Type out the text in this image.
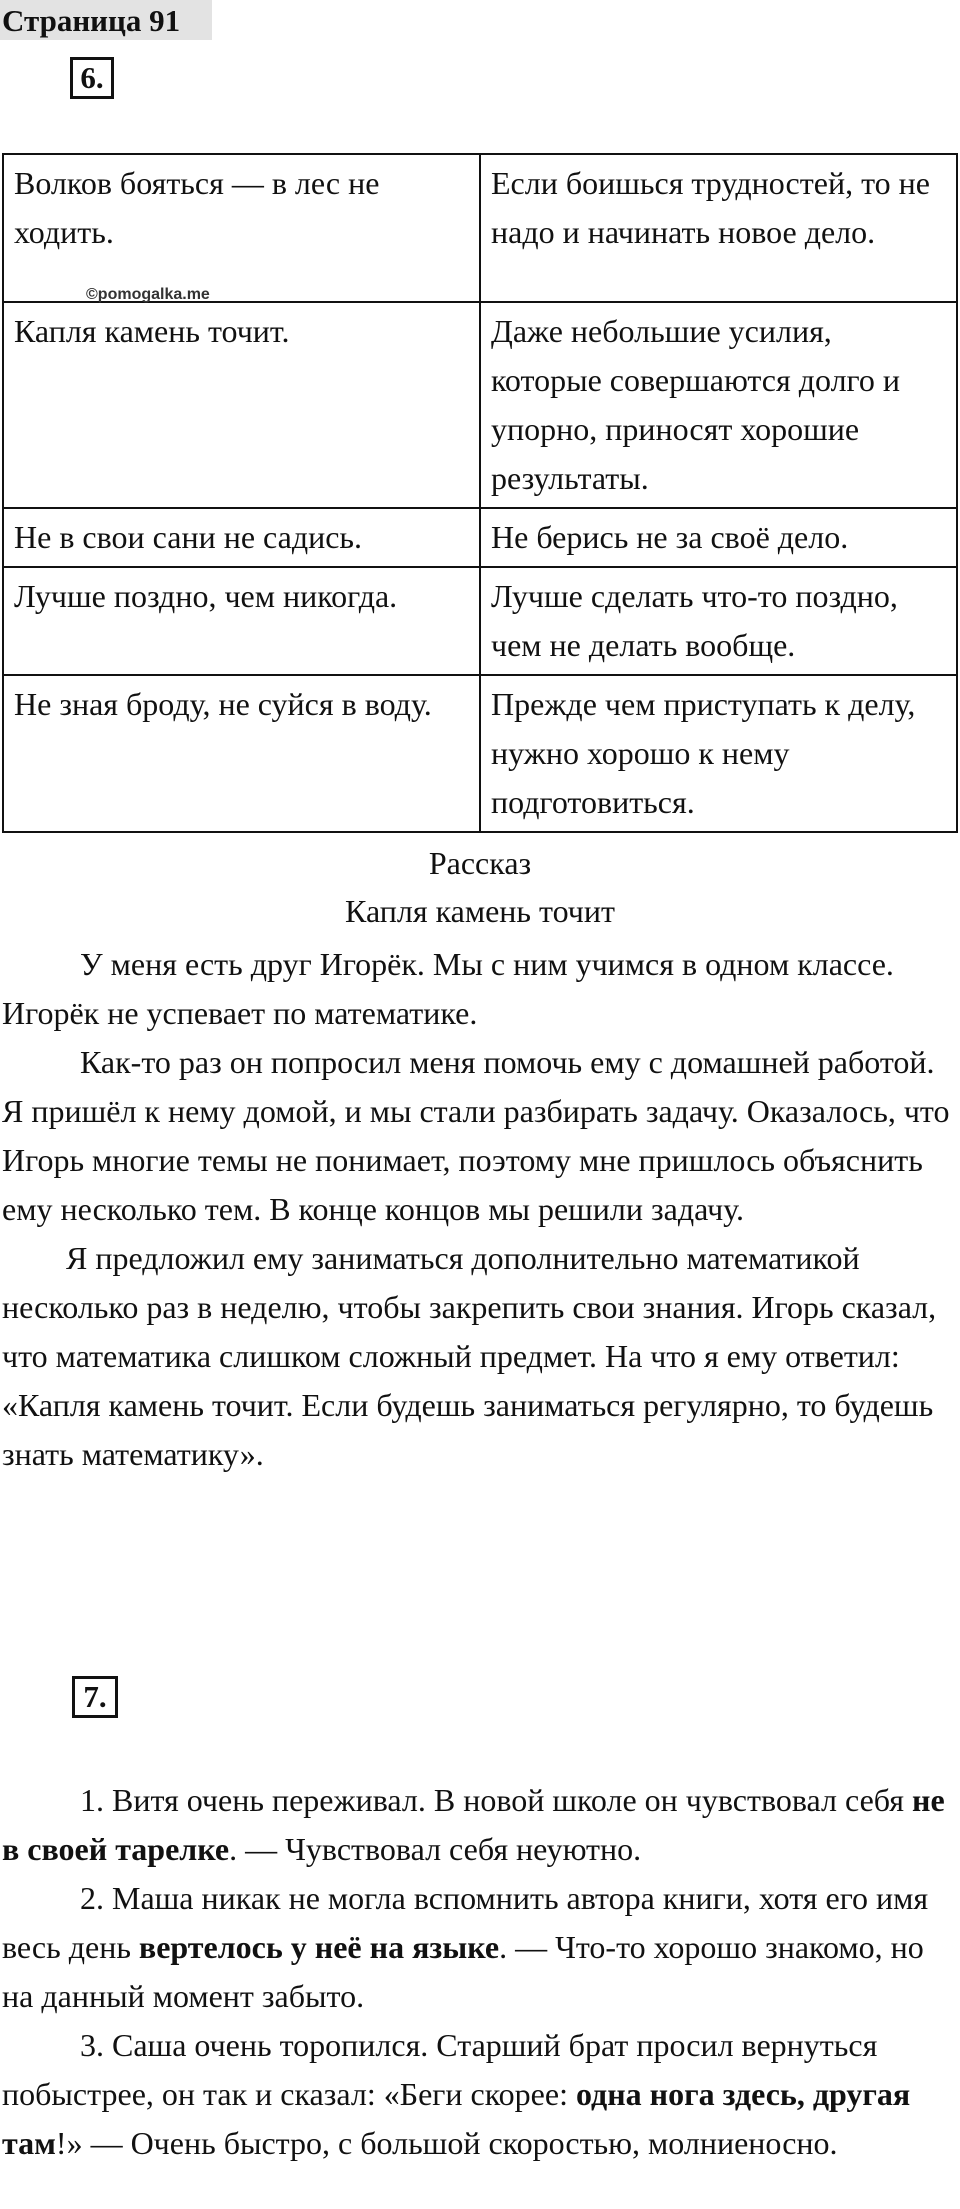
Страница 91
6.
Волков бояться — в лес не ходить.	Если боишься трудностей, то не надо и начинать новое дело.
Капля камень точит.	Даже небольшие усилия, которые совершаются долго и упорно, приносят хорошие результаты.
Не в свои сани не садись.	Не берись не за своё дело.
Лучше поздно, чем никогда.	Лучше сделать что-то поздно, чем не делать вообще.
Не зная броду, не суйся в воду.	Прежде чем приступать к делу, нужно хорошо к нему подготовиться.
©pomogalka.me
Рассказ
Капля камень точит

У меня есть друг Игорёк. Мы с ним учимся в одном классе. Игорёк не успевает по математике.

Как-то раз он попросил меня помочь ему с домашней работой. Я пришёл к нему домой, и мы стали разбирать задачу. Оказалось, что Игорь многие темы не понимает, поэтому мне пришлось объяснить ему несколько тем. В конце концов мы решили задачу.

Я предложил ему заниматься дополнительно математикой несколько раз в неделю, чтобы закрепить свои знания. Игорь сказал, что математика слишком сложный предмет. На что я ему ответил: «Капля камень точит. Если будешь заниматься регулярно, то будешь знать математику».

7.

1. Витя очень переживал. В новой школе он чувствовал себя не в своей тарелке. — Чувствовал себя неуютно.

2. Маша никак не могла вспомнить автора книги, хотя его имя весь день вертелось у неё на языке. — Что-то хорошо знакомо, но на данный момент забыто.

3. Саша очень торопился. Старший брат просил вернуться побыстрее, он так и сказал: «Беги скорее: одна нога здесь, другая там!» — Очень быстро, с большой скоростью, молниеносно.
